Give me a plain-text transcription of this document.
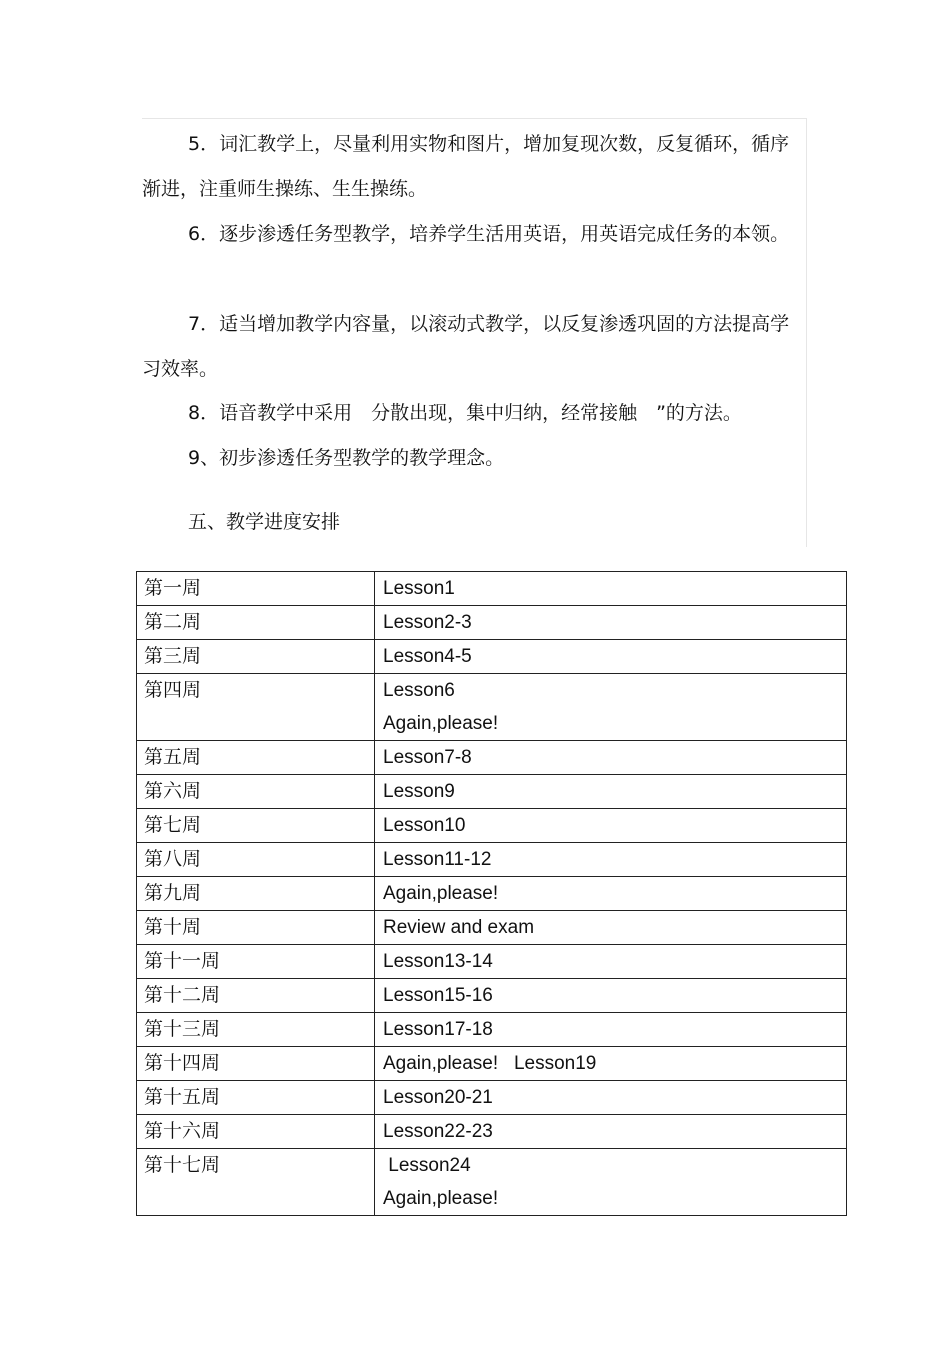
5．词汇教学上，尽量利用实物和图片，增加复现次数，反复循环，循序渐进，注重师生操练、生生操练。

6．逐步渗透任务型教学，培养学生活用英语，用英语完成任务的本领。

7．适当增加教学内容量，以滚动式教学，以反复渗透巩固的方法提高学习效率。

8．语音教学中采用　分散出现，集中归纳，经常接触　”的方法。

9、初步渗透任务型教学的教学理念。

五、教学进度安排

第一周	Lesson1

第二周	Lesson2-3

第三周	Lesson4-5

第四周	Lesson6
Again,please!

第五周	Lesson7-8

第六周	Lesson9

第七周	Lesson10

第八周	Lesson11-12

第九周	Again,please!

第十周	Review and exam

第十一周	Lesson13-14

第十二周	Lesson15-16

第十三周	Lesson17-18

第十四周	Again,please!   Lesson19

第十五周	Lesson20-21

第十六周	Lesson22-23

第十七周	Lesson24
Again,please!
